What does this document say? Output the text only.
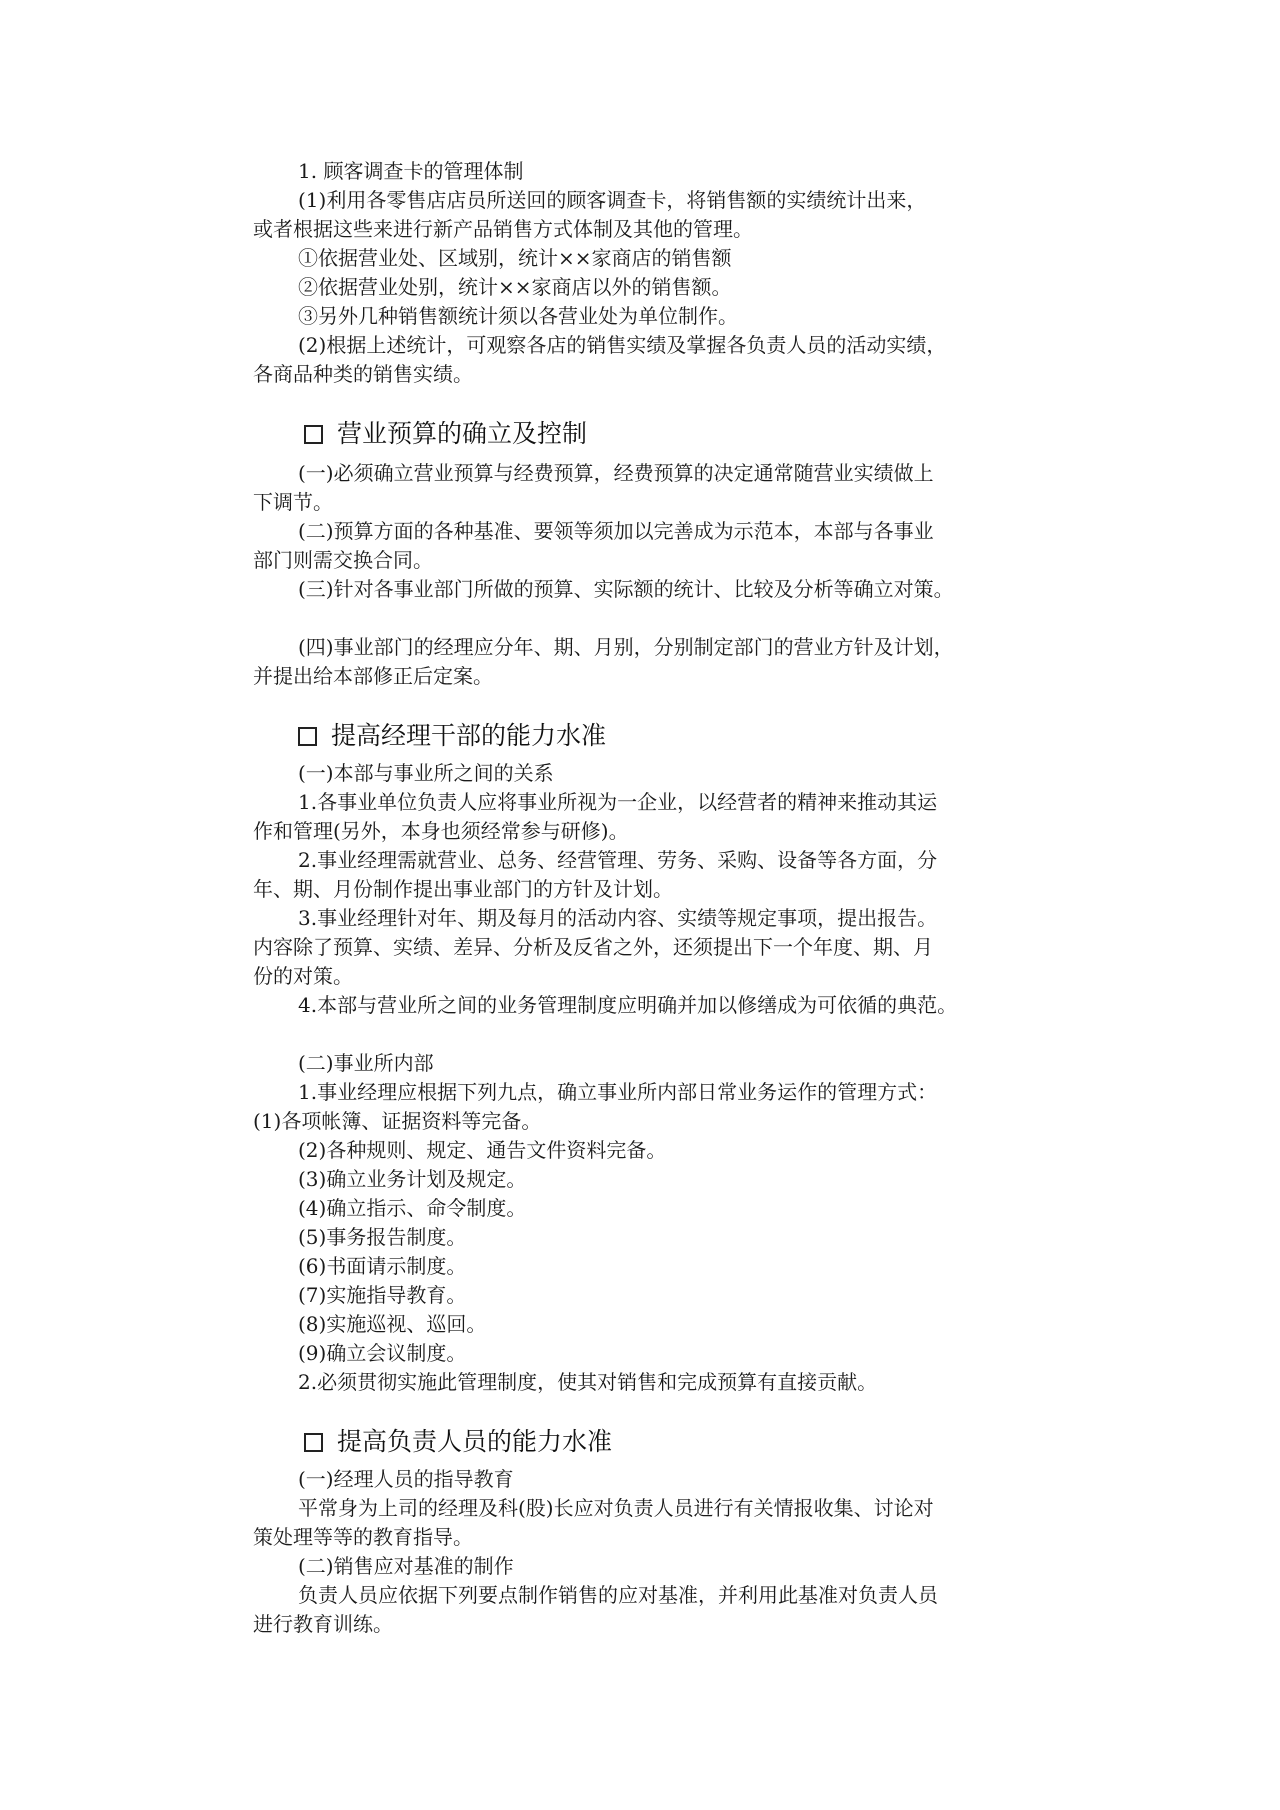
1. 顾客调查卡的管理体制
(1)利用各零售店店员所送回的顾客调查卡，将销售额的实绩统计出来，
或者根据这些来进行新产品销售方式体制及其他的管理。
①依据营业处、区域别，统计××家商店的销售额
②依据营业处别，统计××家商店以外的销售额。
③另外几种销售额统计须以各营业处为单位制作。
(2)根据上述统计，可观察各店的销售实绩及掌握各负责人员的活动实绩，
各商品种类的销售实绩。
营业预算的确立及控制
(一)必须确立营业预算与经费预算，经费预算的决定通常随营业实绩做上
下调节。
(二)预算方面的各种基准、要领等须加以完善成为示范本，本部与各事业
部门则需交换合同。
(三)针对各事业部门所做的预算、实际额的统计、比较及分析等确立对策。
(四)事业部门的经理应分年、期、月别，分别制定部门的营业方针及计划，
并提出给本部修正后定案。
提高经理干部的能力水准
(一)本部与事业所之间的关系
1.各事业单位负责人应将事业所视为一企业，以经营者的精神来推动其运
作和管理(另外，本身也须经常参与研修)。
2.事业经理需就营业、总务、经营管理、劳务、采购、设备等各方面，分
年、期、月份制作提出事业部门的方针及计划。
3.事业经理针对年、期及每月的活动内容、实绩等规定事项，提出报告。
内容除了预算、实绩、差异、分析及反省之外，还须提出下一个年度、期、月
份的对策。
4.本部与营业所之间的业务管理制度应明确并加以修缮成为可依循的典范。
(二)事业所内部
1.事业经理应根据下列九点，确立事业所内部日常业务运作的管理方式：
(1)各项帐簿、证据资料等完备。
(2)各种规则、规定、通告文件资料完备。
(3)确立业务计划及规定。
(4)确立指示、命令制度。
(5)事务报告制度。
(6)书面请示制度。
(7)实施指导教育。
(8)实施巡视、巡回。
(9)确立会议制度。
2.必须贯彻实施此管理制度，使其对销售和完成预算有直接贡献。
提高负责人员的能力水准
(一)经理人员的指导教育
平常身为上司的经理及科(股)长应对负责人员进行有关情报收集、讨论对
策处理等等的教育指导。
(二)销售应对基准的制作
负责人员应依据下列要点制作销售的应对基准，并利用此基准对负责人员
进行教育训练。
